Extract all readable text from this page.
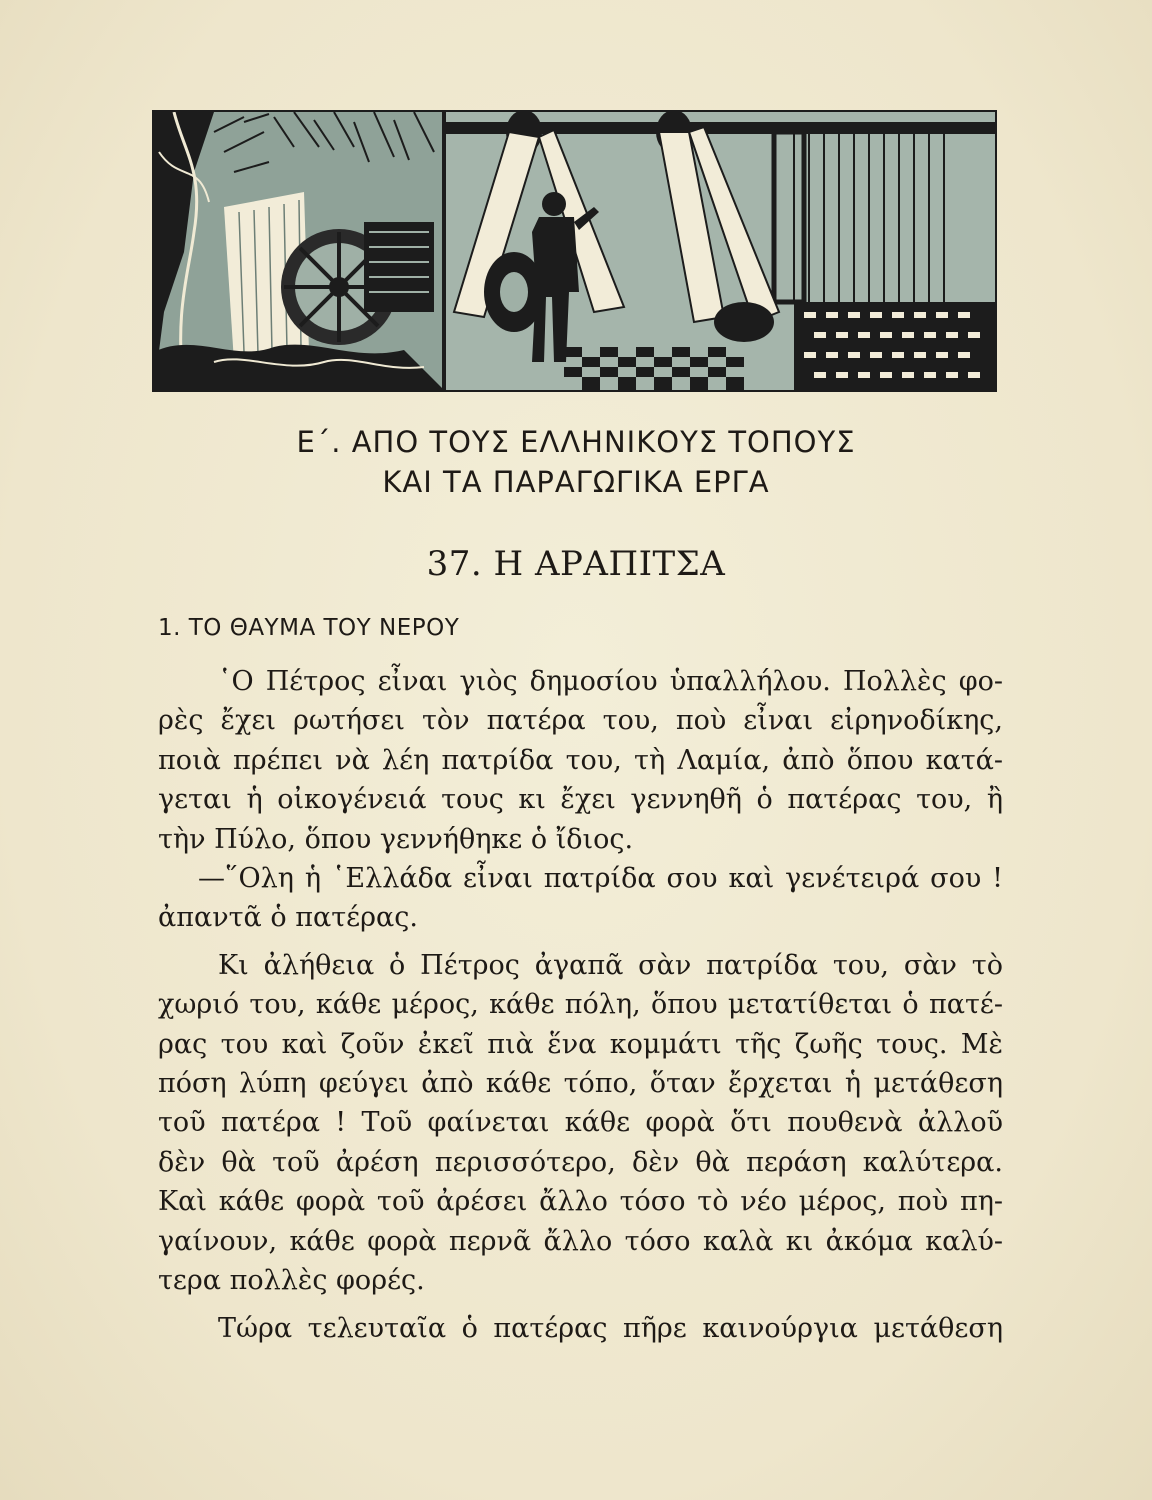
Ε΄. ΑΠΟ ΤΟΥΣ ΕΛΛΗΝΙΚΟΥΣ ΤΟΠΟΥΣ
ΚΑΙ ΤΑ ΠΑΡΑΓΩΓΙΚΑ ΕΡΓΑ
37. Η ΑΡΑΠΙΤΣΑ
1. ΤΟ ΘΑΥΜΑ ΤΟΥ ΝΕΡΟΥ
῾Ο Πέτρος εἶναι γιὸς δημοσίου ὑπαλλήλου. Πολλὲς φο-
ρὲς ἔχει ρωτήσει τὸν πατέρα του, ποὺ εἶναι εἰρηνοδίκης,
ποιὰ πρέπει νὰ λέη πατρίδα του, τὴ Λαμία, ἀπὸ ὅπου κατά-
γεται ἡ οἰκογένειά τους κι ἔχει γεννηθῆ ὁ πατέρας του, ἢ
τὴν Πύλο, ὅπου γεννήθηκε ὁ ἴδιος.
—῞Ολη ἡ ῾Ελλάδα εἶναι πατρίδα σου καὶ γενέτειρά σου !
ἀπαντᾶ ὁ πατέρας.
Κι ἀλήθεια ὁ Πέτρος ἀγαπᾶ σὰν πατρίδα του, σὰν τὸ
χωριό του, κάθε μέρος, κάθε πόλη, ὅπου μετατίθεται ὁ πατέ-
ρας του καὶ ζοῦν ἐκεῖ πιὰ ἕνα κομμάτι τῆς ζωῆς τους. Μὲ
πόση λύπη φεύγει ἀπὸ κάθε τόπο, ὅταν ἔρχεται ἡ μετάθεση
τοῦ πατέρα ! Τοῦ φαίνεται κάθε φορὰ ὅτι πουθενὰ ἀλλοῦ
δὲν θὰ τοῦ ἀρέση περισσότερο, δὲν θὰ περάση καλύτερα.
Καὶ κάθε φορὰ τοῦ ἀρέσει ἄλλο τόσο τὸ νέο μέρος, ποὺ πη-
γαίνουν, κάθε φορὰ περνᾶ ἄλλο τόσο καλὰ κι ἀκόμα καλύ-
τερα πολλὲς φορές.
Τώρα τελευταῖα ὁ πατέρας πῆρε καινούργια μετάθεση
